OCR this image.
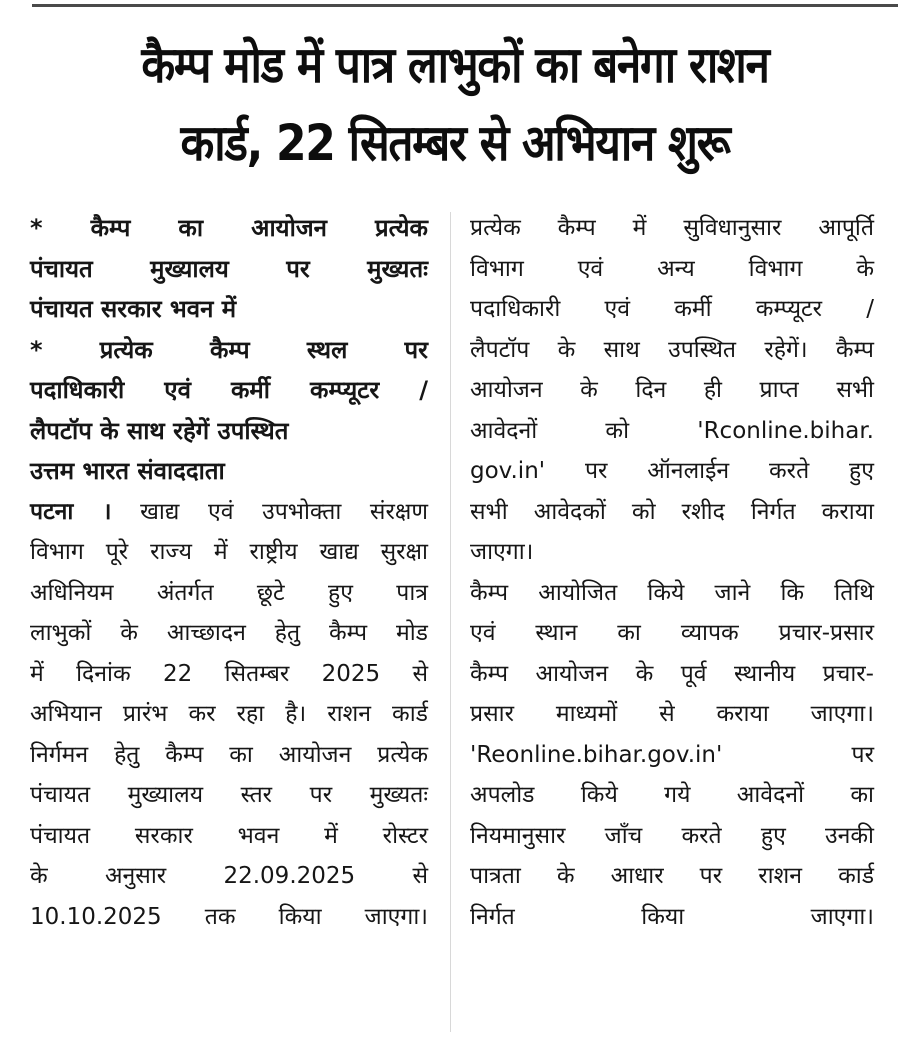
कैम्प मोड में पात्र लाभुकों का बनेगा राशन
कार्ड, 22 सितम्बर से अभियान शुरू
* कैम्प का आयोजन प्रत्येक
पंचायत मुख्यालय पर मुख्यतः
पंचायत सरकार भवन में
* प्रत्येक कैम्प स्थल पर
पदाधिकारी एवं कर्मी कम्प्यूटर /
लैपटॉप के साथ रहेगें उपस्थित
उत्तम भारत संवाददाता
पटना । खाद्य एवं उपभोक्ता संरक्षण
विभाग पूरे राज्य में राष्ट्रीय खाद्य सुरक्षा
अधिनियम अंतर्गत छूटे हुए पात्र
लाभुकों के आच्छादन हेतु कैम्प मोड
में दिनांक 22 सितम्बर 2025 से
अभियान प्रारंभ कर रहा है। राशन कार्ड
निर्गमन हेतु कैम्प का आयोजन प्रत्येक
पंचायत मुख्यालय स्तर पर मुख्यतः
पंचायत सरकार भवन में रोस्टर
के अनुसार 22.09.2025 से
10.10.2025 तक किया जाएगा।
प्रत्येक कैम्प में सुविधानुसार आपूर्ति
विभाग एवं अन्य विभाग के
पदाधिकारी एवं कर्मी कम्प्यूटर /
लैपटॉप के साथ उपस्थित रहेगें। कैम्प
आयोजन के दिन ही प्राप्त सभी
आवेदनों को 'Rconline.bihar.
gov.in' पर ऑनलाईन करते हुए
सभी आवेदकों को रशीद निर्गत कराया
जाएगा।
कैम्प आयोजित किये जाने कि तिथि
एवं स्थान का व्यापक प्रचार-प्रसार
कैम्प आयोजन के पूर्व स्थानीय प्रचार-
प्रसार माध्यमों से कराया जाएगा।
'Reonline.bihar.gov.in' पर
अपलोड किये गये आवेदनों का
नियमानुसार जाँच करते हुए उनकी
पात्रता के आधार पर राशन कार्ड
निर्गत किया जाएगा।
